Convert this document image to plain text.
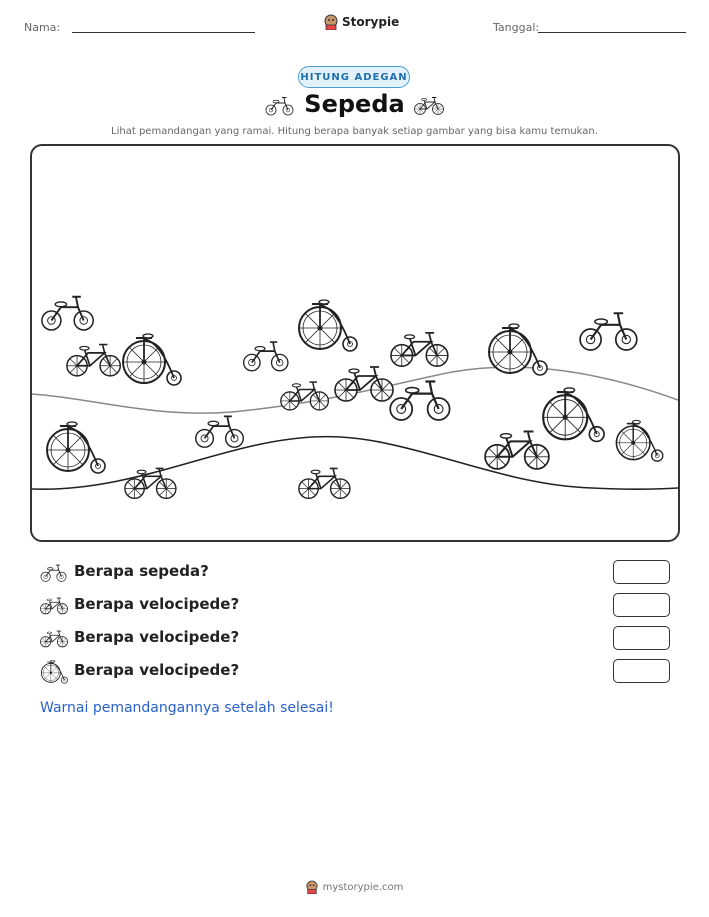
Nama:	Storypie	Tanggal:
HITUNG ADEGAN
Sepeda
Lihat pemandangan yang ramai. Hitung berapa banyak setiap gambar yang bisa kamu temukan.
Berapa sepeda?
Berapa velocipede?
Berapa velocipede?
Berapa velocipede?
Warnai pemandangannya setelah selesai!
mystorypie.com
